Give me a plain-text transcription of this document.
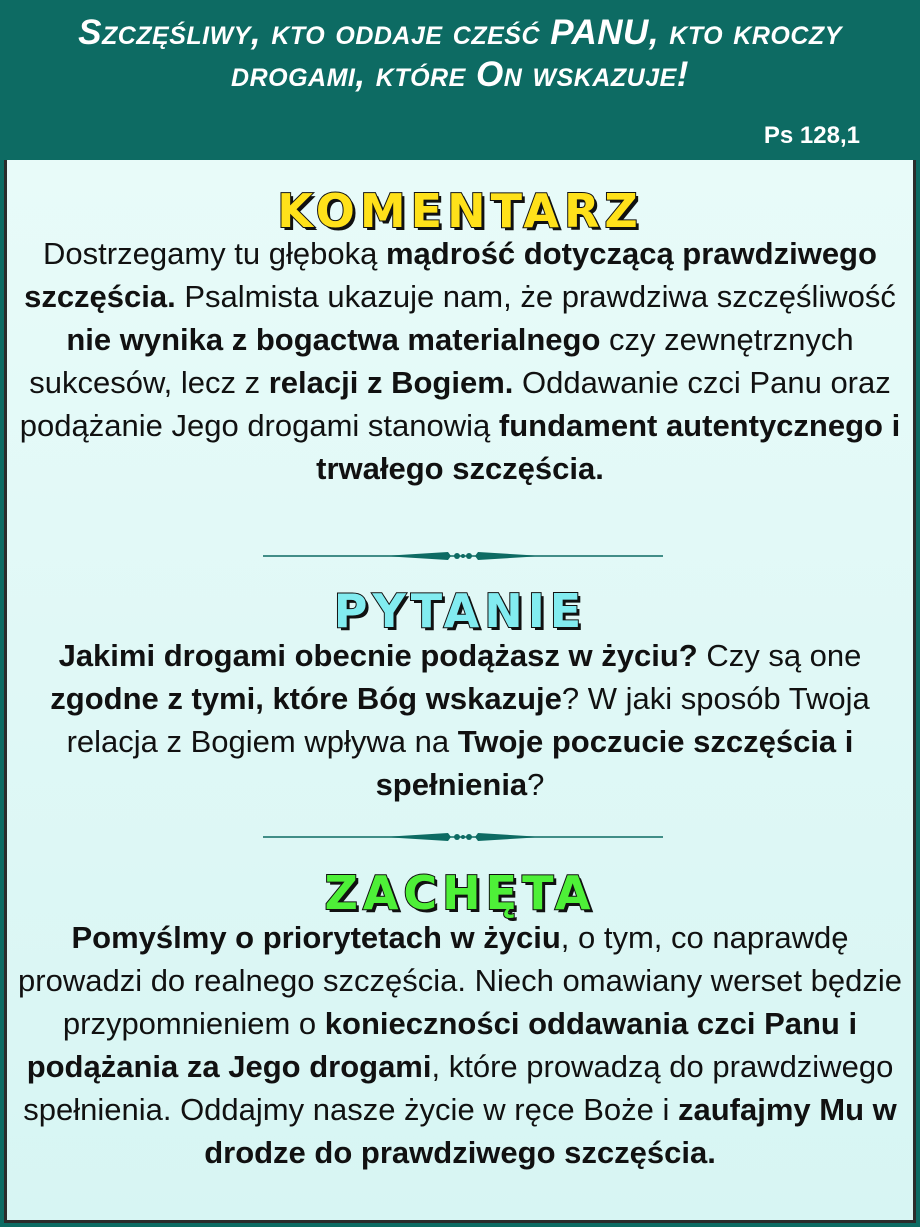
Szczęśliwy, kto oddaje cześć PANU, kto kroczy drogami, które On wskazuje!
Ps 128,1
KOMENTARZ
Dostrzegamy tu głęboką mądrość dotyczącą prawdziwego szczęścia. Psalmista ukazuje nam, że prawdziwa szczęśliwość nie wynika z bogactwa materialnego czy zewnętrznych sukcesów, lecz z relacji z Bogiem. Oddawanie czci Panu oraz podążanie Jego drogami stanowią fundament autentycznego i trwałego szczęścia.
PYTANIE
Jakimi drogami obecnie podążasz w życiu? Czy są one zgodne z tymi, które Bóg wskazuje? W jaki sposób Twoja relacja z Bogiem wpływa na Twoje poczucie szczęścia i spełnienia?
ZACHĘTA
Pomyślmy o priorytetach w życiu, o tym, co naprawdę prowadzi do realnego szczęścia. Niech omawiany werset będzie przypomnieniem o konieczności oddawania czci Panu i podążania za Jego drogami, które prowadzą do prawdziwego spełnienia. Oddajmy nasze życie w ręce Boże i zaufajmy Mu w drodze do prawdziwego szczęścia.
